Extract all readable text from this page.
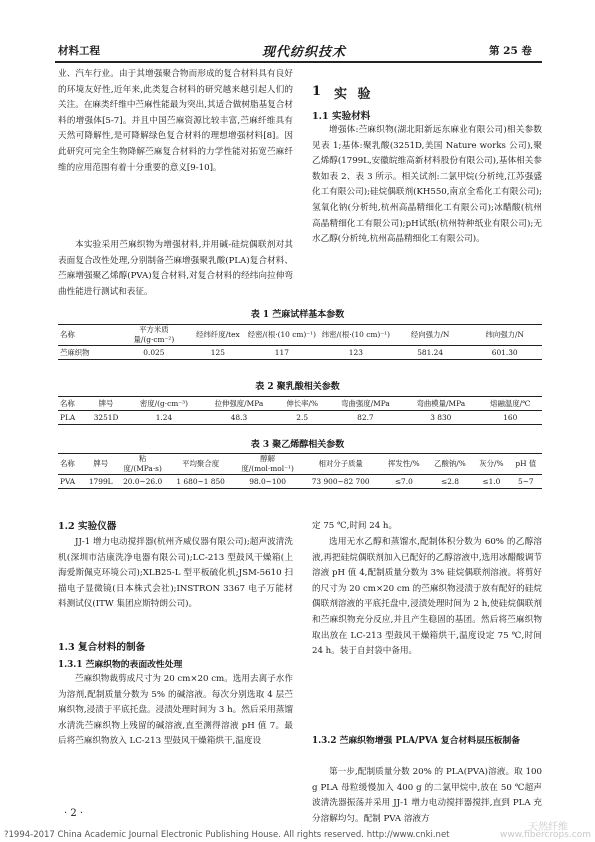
材料工程	现代纺织技术	第 25 卷

业、汽车行业。由于其增强聚合物而形成的复合材料具有良好的环境友好性,近年来,此类复合材料的研究越来越引起人们的关注。在麻类纤维中苎麻性能最为突出,其适合做树脂基复合材料的增强体[5-7]。并且中国苎麻资源比较丰富,苎麻纤维具有天然可降解性,是可降解绿色复合材料的理想增强材料[8]。因此研究可完全生物降解苎麻复合材料的力学性能对拓宽苎麻纤维的应用范围有着十分重要的意义[9-10]。

本实验采用苎麻织物为增强材料,并用碱-硅烷偶联剂对其表面复合改性处理,分别制备苎麻增强聚乳酸(PLA)复合材料、苎麻增强聚乙烯醇(PVA)复合材料,对复合材料的经纬向拉伸弯曲性能进行测试和表征。

1 实 验
1.1 实验材料

增强体:苎麻织物(湖北阳新远东麻业有限公司)相关参数见表 1;基体:聚乳酸(3251D,美国 Nature works 公司),聚乙烯醇(1799L,安徽皖维高新材料股份有限公司),基体相关参数如表 2、表 3 所示。相关试剂:二氯甲烷(分析纯,江苏强盛化工有限公司);硅烷偶联剂(KH550,南京全希化工有限公司);氢氧化钠(分析纯,杭州高晶精细化工有限公司);冰醋酸(杭州高晶精细化工有限公司);pH试纸(杭州特种纸业有限公司);无水乙醇(分析纯,杭州高晶精细化工有限公司)。

表 1 苎麻试样基本参数
名称	平方米质量/(g·cm⁻²)	经纬纤度/tex	经密/(根·(10 cm)⁻¹)	纬密/(根·(10 cm)⁻¹)	经向强力/N	纬向强力/N
苎麻织物	0.025	125	117	123	581.24	601.30
表 2 聚乳酸相关参数
名称	牌号	密度/(g·cm⁻³)	拉伸强度/MPa	伸长率/%	弯曲强度/MPa	弯曲模量/MPa	熔融温度/℃
PLA	3251D	1.24	48.3	2.5	82.7	3 830	160
表 3 聚乙烯醇相关参数
名称	牌号	粘度/(MPa·s)	平均聚合度	醇解度/(mol·mol⁻¹)	相对分子质量	挥发性/%	乙酸钠/%	灰分/%	pH 值
PVA	1799L	20.0~26.0	1 680~1 850	98.0~100	73 900~82 700	≤7.0	≤2.8	≤1.0	5~7
1.2 实验仪器

JJ-1 增力电动搅拌器(杭州齐威仪器有限公司);超声波清洗机(深圳市洁康洗净电器有限公司);LC-213 型鼓风干燥箱(上海爱斯佩克环境公司);XLB25-L 型平板硫化机;JSM-5610 扫描电子显微镜(日本株式会社);INSTRON 3367 电子万能材料测试仪(ITW 集团应斯特朗公司)。

1.3 复合材料的制备
1.3.1 苎麻织物的表面改性处理

苎麻织物裁剪成尺寸为 20 cm×20 cm。选用去离子水作为溶剂,配制质量分数为 5% 的碱溶液。每次分别选取 4 层苎麻织物,浸渍于平底托盘。浸渍处理时间为 3 h。然后采用蒸馏水清洗苎麻织物上残留的碱溶液,直至测得溶液 pH 值 7。最后将苎麻织物放入 LC-213 型鼓风干燥箱烘干,温度设

定 75 ℃,时间 24 h。

选用无水乙醇和蒸馏水,配制体积分数为 60% 的乙醇溶液,再把硅烷偶联剂加入已配好的乙醇溶液中,选用冰醋酸调节溶液 pH 值 4,配制质量分数为 3% 硅烷偶联剂溶液。将剪好的尺寸为 20 cm×20 cm 的苎麻织物浸渍于放有配好的硅烷偶联剂溶液的平底托盘中,浸渍处理时间为 2 h,使硅烷偶联剂和苎麻织物充分反应,并且产生稳固的基团。然后将苎麻织物取出放在 LC-213 型鼓风干燥箱烘干,温度设定 75 ℃,时间 24 h。装于自封袋中备用。

1.3.2 苎麻织物增强 PLA/PVA 复合材料层压板制备

第一步,配制质量分数 20% 的 PLA(PVA)溶液。取 100 g PLA 母粒缓慢加入 400 g 的二氯甲烷中,放在 50 ℃超声波清洗器振荡并采用 JJ-1 增力电动搅拌器搅拌,直到 PLA 充分溶解均匀。配制 PVA 溶液方

· 2 ·
?1994-2017 China Academic Journal Electronic Publishing House. All rights reserved. http://www.cnki.net
天然纤维
www.fibercrops.com
